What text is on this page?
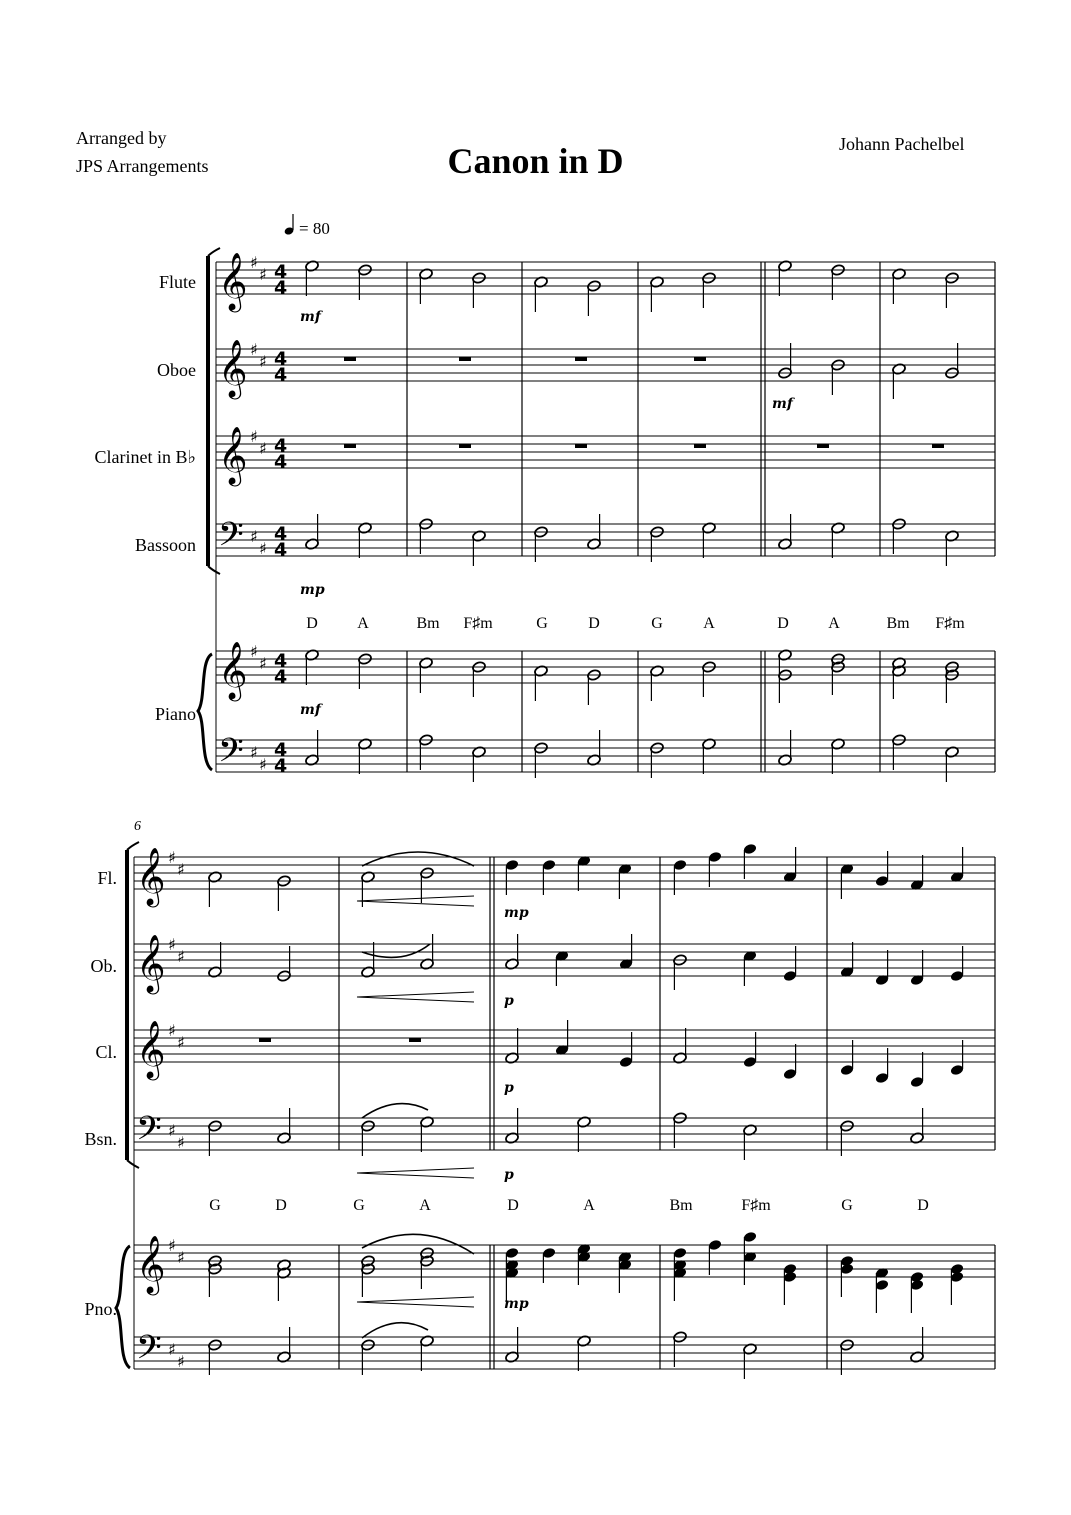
Arranged by
JPS Arrangements	Canon in D	Johann Pachelbel
= 80
Flute
Oboe
Clarinet in B♭
Bassoon
Piano
𝄞
𝄞
𝄞
𝄢
𝄞
𝄢
♯
♯
♯
♯
♯
♯
♯
♯
♯
♯
♯
♯
4
4
4
4
4
4
4
4
4
4
4
4
mf
mf
mp
mf
D A	Bm F♯m	G	D	G	A	D A	Bm F♯m
6
Fl.
Ob.
Cl.
Bsn.
Pno.
𝄞
𝄞
𝄞
𝄢
𝄞
𝄢
♯
♯
♯
♯
♯
♯
♯
♯
♯
♯
♯
♯
mp
p
p
p
mp
G	D	G	A	D	A	Bm	F♯m	G	D
